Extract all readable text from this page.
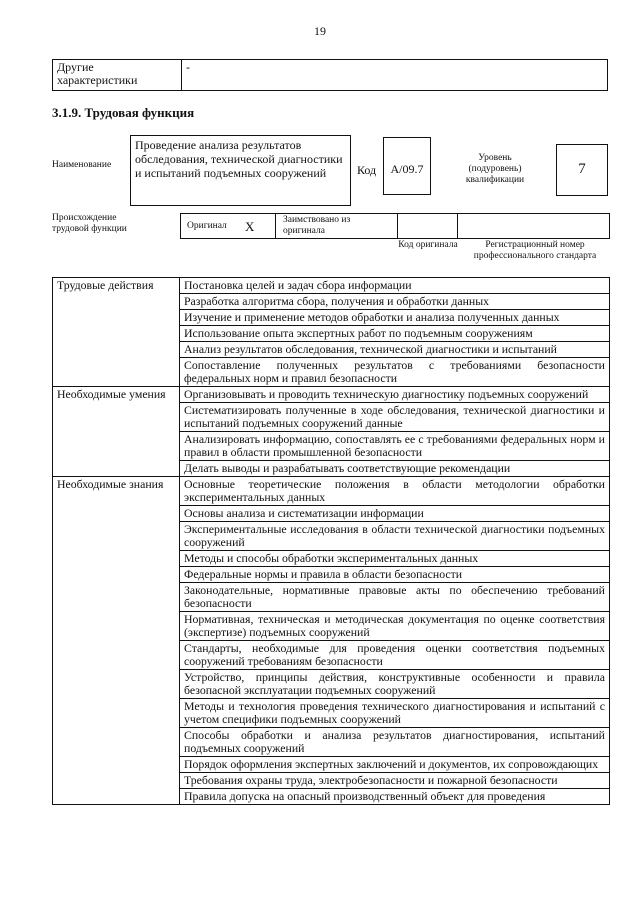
19
Другие характеристики	-
3.1.9. Трудовая функция
Наименование
Проведение анализа результатов обследования, технической диагностики и испытаний подъемных сооружений	Код	А/09.7
Уровень (подуровень) квалификации
7
Происхождение трудовой функции	Оригинал X	Заимствовано из оригинала
Код оригинала	Регистрационный номер профессионального стандарта
Трудовые действия	Постановка целей и задач сбора информации
	Разработка алгоритма сбора, получения и обработки данных
	Изучение и применение методов обработки и анализа полученных данных
	Использование опыта экспертных работ по подъемным сооружениям
	Анализ результатов обследования, технической диагностики и испытаний
	Сопоставление полученных результатов с требованиями безопасности федеральных норм и правил безопасности
Необходимые умения	Организовывать и проводить техническую диагностику подъемных сооружений
	Систематизировать полученные в ходе обследования, технической диагностики и испытаний подъемных сооружений данные
	Анализировать информацию, сопоставлять ее с требованиями федеральных норм и правил в области промышленной безопасности
	Делать выводы и разрабатывать соответствующие рекомендации
Необходимые знания	Основные теоретические положения в области методологии обработки экспериментальных данных
	Основы анализа и систематизации информации
	Экспериментальные исследования в области технической диагностики подъемных сооружений
	Методы и способы обработки экспериментальных данных
	Федеральные нормы и правила в области безопасности
	Законодательные, нормативные правовые акты по обеспечению требований безопасности
	Нормативная, техническая и методическая документация по оценке соответствия (экспертизе) подъемных сооружений
	Стандарты, необходимые для проведения оценки соответствия подъемных сооружений требованиям безопасности
	Устройство, принципы действия, конструктивные особенности и правила безопасной эксплуатации подъемных сооружений
	Методы и технология проведения технического диагностирования и испытаний с учетом специфики подъемных сооружений
	Способы обработки и анализа результатов диагностирования, испытаний подъемных сооружений
	Порядок оформления экспертных заключений и документов, их сопровождающих
	Требования охраны труда, электробезопасности и пожарной безопасности
	Правила допуска на опасный производственный объект для проведения
